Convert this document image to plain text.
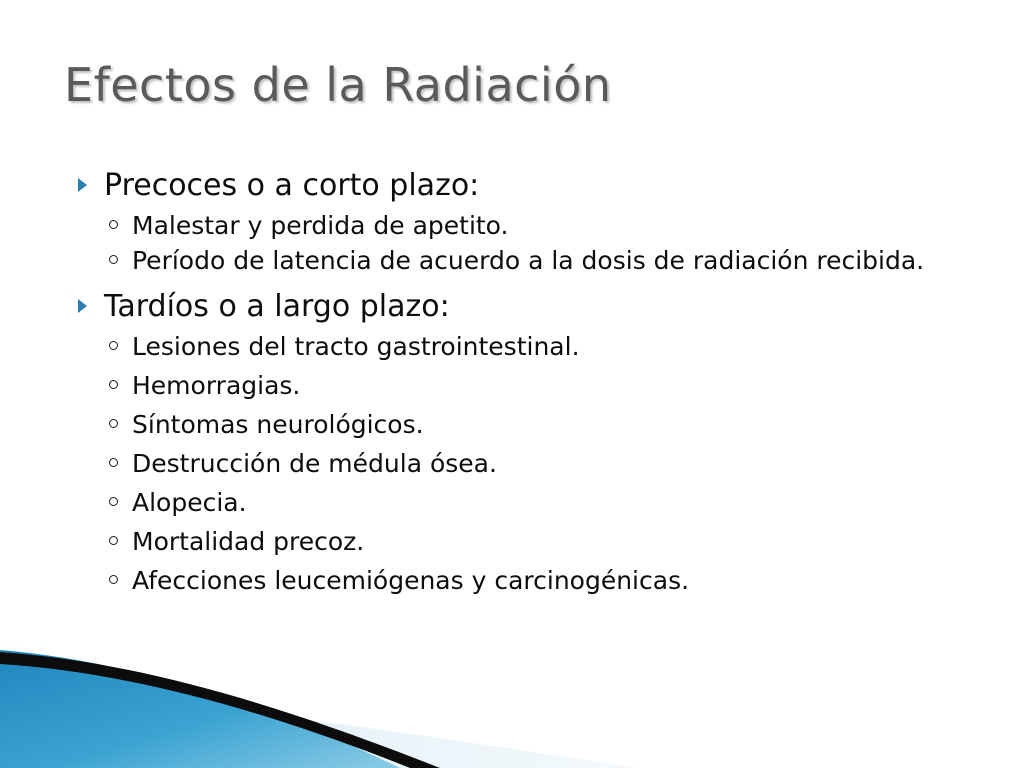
Efectos de la Radiación
Precoces o a corto plazo:
Malestar y perdida de apetito.
Período de latencia de acuerdo a la dosis de radiación recibida.
Tardíos o a largo plazo:
Lesiones del tracto gastrointestinal.
Hemorragias.
Síntomas neurológicos.
Destrucción de médula ósea.
Alopecia.
Mortalidad precoz.
Afecciones leucemiógenas y carcinogénicas.
